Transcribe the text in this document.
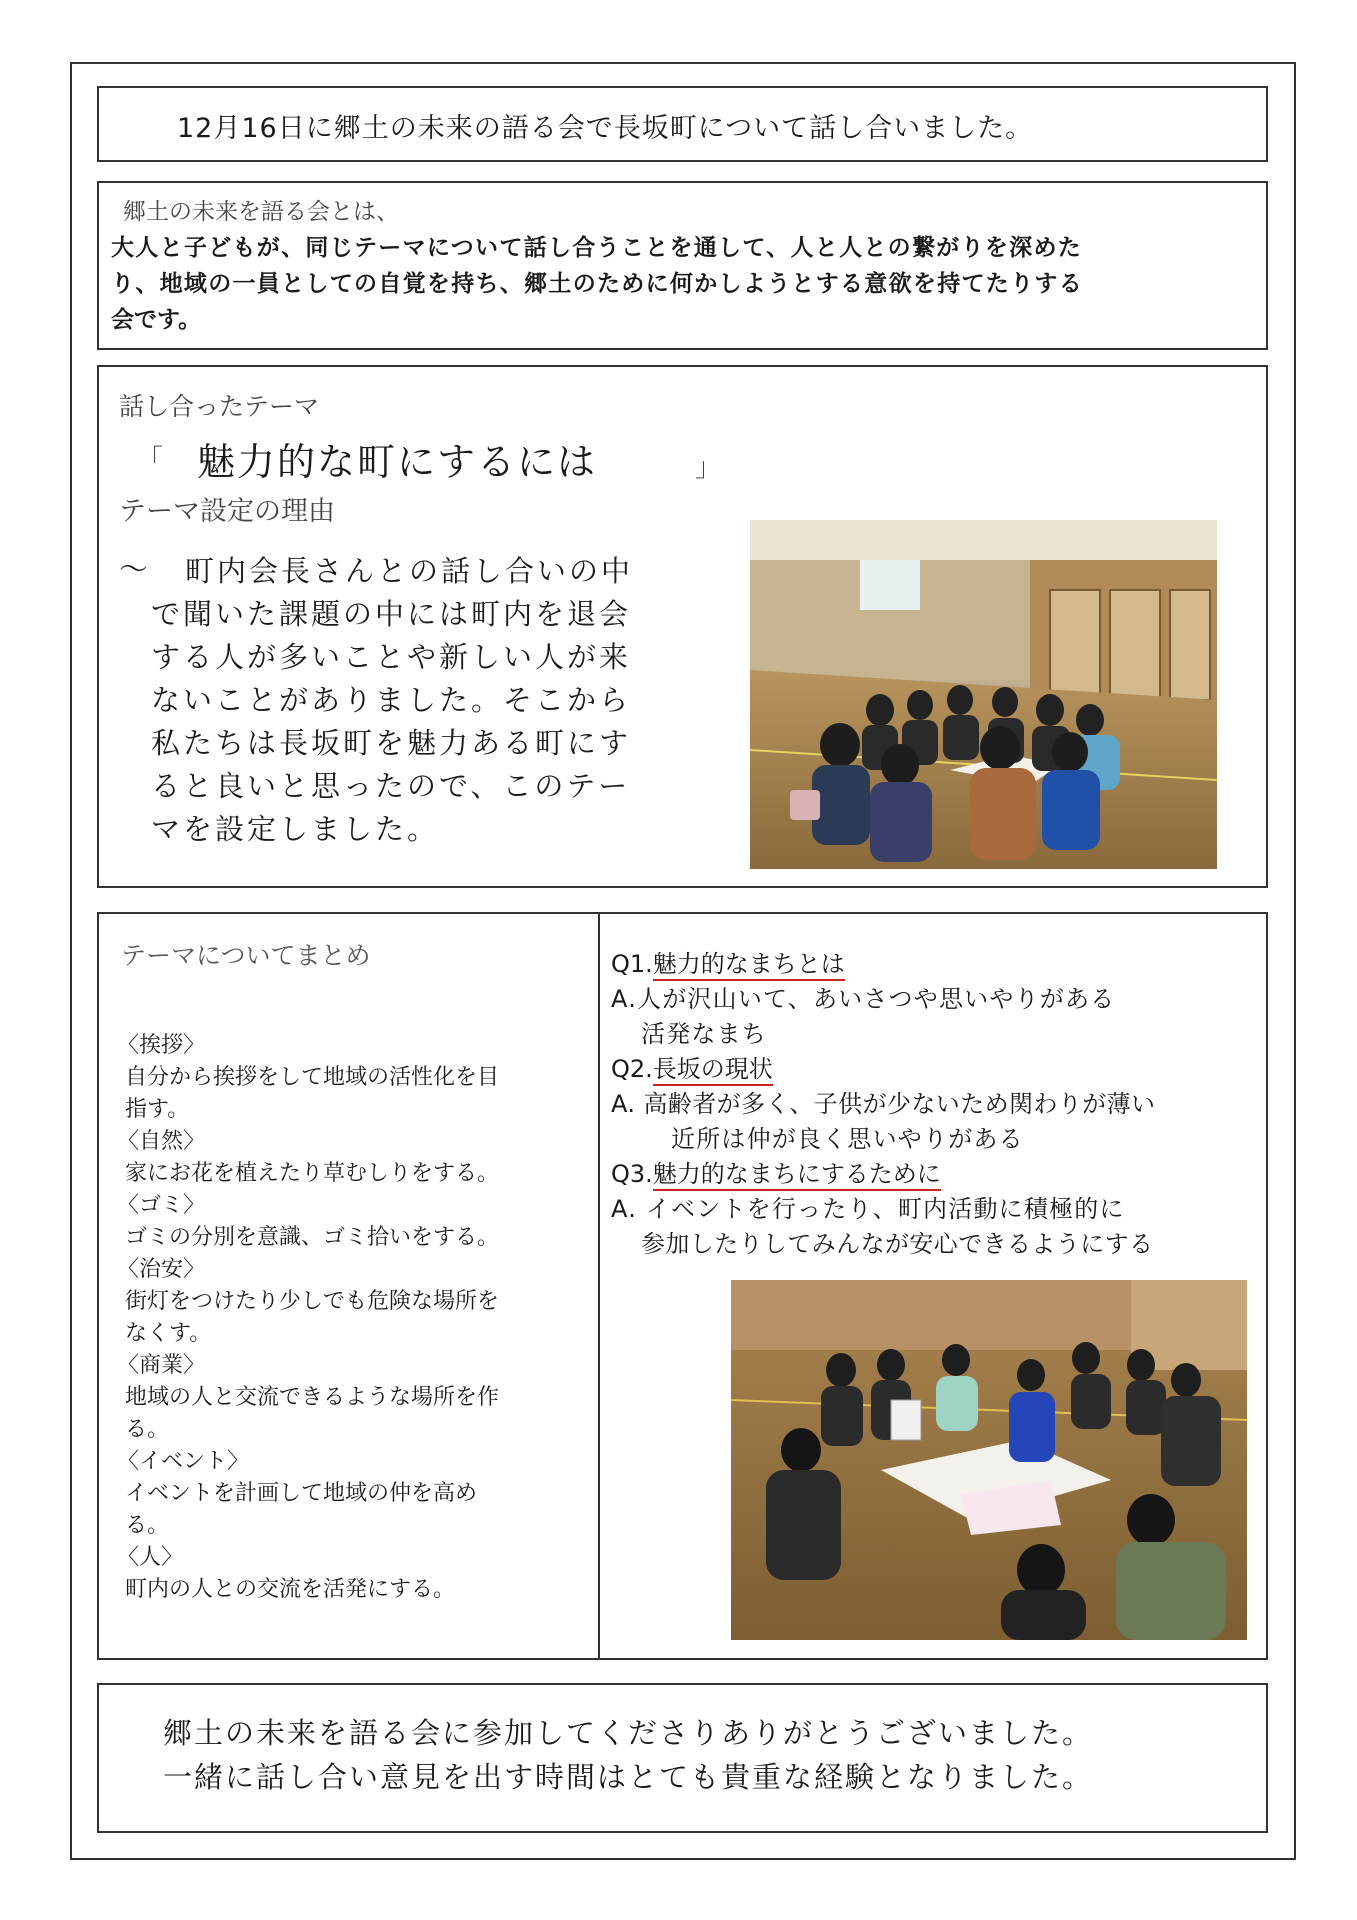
12月16日に郷土の未来の語る会で長坂町について話し合いました。
郷土の未来を語る会とは、
大人と子どもが、同じテーマについて話し合うことを通して、人と人との繋がりを深めた
り、地域の一員としての自覚を持ち、郷土のために何かしようとする意欲を持てたりする
会です。
話し合ったテーマ
「 魅力的な町にするには	」
テーマ設定の理由
～ 町内会長さんとの話し合いの中
で聞いた課題の中には町内を退会
する人が多いことや新しい人が来
ないことがありました。そこから
私たちは長坂町を魅力ある町にす
ると良いと思ったので、このテー
マを設定しました。
テーマについてまとめ
〈挨拶〉
自分から挨拶をして地域の活性化を目
指す。
〈自然〉
家にお花を植えたり草むしりをする。
〈ゴミ〉
ゴミの分別を意識、ゴミ拾いをする。
〈治安〉
街灯をつけたり少しでも危険な場所を
なくす。
〈商業〉
地域の人と交流できるような場所を作
る。
〈イベント〉
イベントを計画して地域の仲を高め
る。
〈人〉
町内の人との交流を活発にする。
Q1.魅力的なまちとは
A.人が沢山いて、あいさつや思いやりがある
活発なまち
Q2.長坂の現状
A. 高齢者が多く、子供が少ないため関わりが薄い
近所は仲が良く思いやりがある
Q3.魅力的なまちにするために
A. イベントを行ったり、町内活動に積極的に
参加したりしてみんなが安心できるようにする
郷土の未来を語る会に参加してくださりありがとうございました。
一緒に話し合い意見を出す時間はとても貴重な経験となりました。
